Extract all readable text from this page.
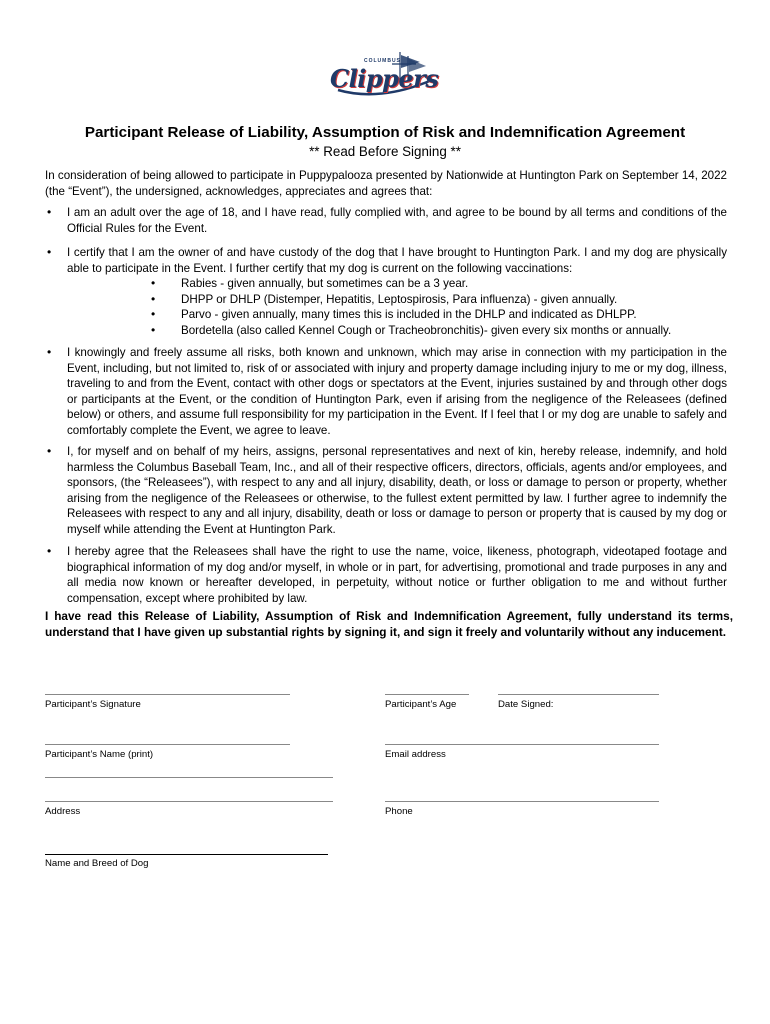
COLUMBUS
Clippers
Participant Release of Liability, Assumption of Risk and Indemnification Agreement
** Read Before Signing **
In consideration of being allowed to participate in Puppypalooza presented by Nationwide at Huntington Park on September 14, 2022 (the “Event”), the undersigned, acknowledges, appreciates and agrees that:
• I am an adult over the age of 18, and I have read, fully complied with, and agree to be bound by all terms and conditions of the Official Rules for the Event.
• I certify that I am the owner of and have custody of the dog that I have brought to Huntington Park. I and my dog are physically able to participate in the Event. I further certify that my dog is current on the following vaccinations:
• Rabies - given annually, but sometimes can be a 3 year.
• DHPP or DHLP (Distemper, Hepatitis, Leptospirosis, Para influenza) - given annually.
• Parvo - given annually, many times this is included in the DHLP and indicated as DHLPP.
• Bordetella (also called Kennel Cough or Tracheobronchitis)- given every six months or annually.
• I knowingly and freely assume all risks, both known and unknown, which may arise in connection with my participation in the Event, including, but not limited to, risk of or associated with injury and property damage including injury to me or my dog, illness, traveling to and from the Event, contact with other dogs or spectators at the Event, injuries sustained by and through other dogs or participants at the Event, or the condition of Huntington Park, even if arising from the negligence of the Releasees (defined below) or others, and assume full responsibility for my participation in the Event. If I feel that I or my dog are unable to safely and comfortably complete the Event, we agree to leave.
• I, for myself and on behalf of my heirs, assigns, personal representatives and next of kin, hereby release, indemnify, and hold harmless the Columbus Baseball Team, Inc., and all of their respective officers, directors, officials, agents and/or employees, and sponsors, (the “Releasees”), with respect to any and all injury, disability, death, or loss or damage to person or property, whether arising from the negligence of the Releasees or otherwise, to the fullest extent permitted by law. I further agree to indemnify the Releasees with respect to any and all injury, disability, death or loss or damage to person or property that is caused by my dog or myself while attending the Event at Huntington Park.
• I hereby agree that the Releasees shall have the right to use the name, voice, likeness, photograph, videotaped footage and biographical information of my dog and/or myself, in whole or in part, for advertising, promotional and trade purposes in any and all media now known or hereafter developed, in perpetuity, without notice or further obligation to me and without further compensation, except where prohibited by law.
I have read this Release of Liability, Assumption of Risk and Indemnification Agreement, fully understand its terms, understand that I have given up substantial rights by signing it, and sign it freely and voluntarily without any inducement.
Participant’s Signature	Participant’s Age	Date Signed:
Participant’s Name (print)	Email address
Address	Phone
Name and Breed of Dog
